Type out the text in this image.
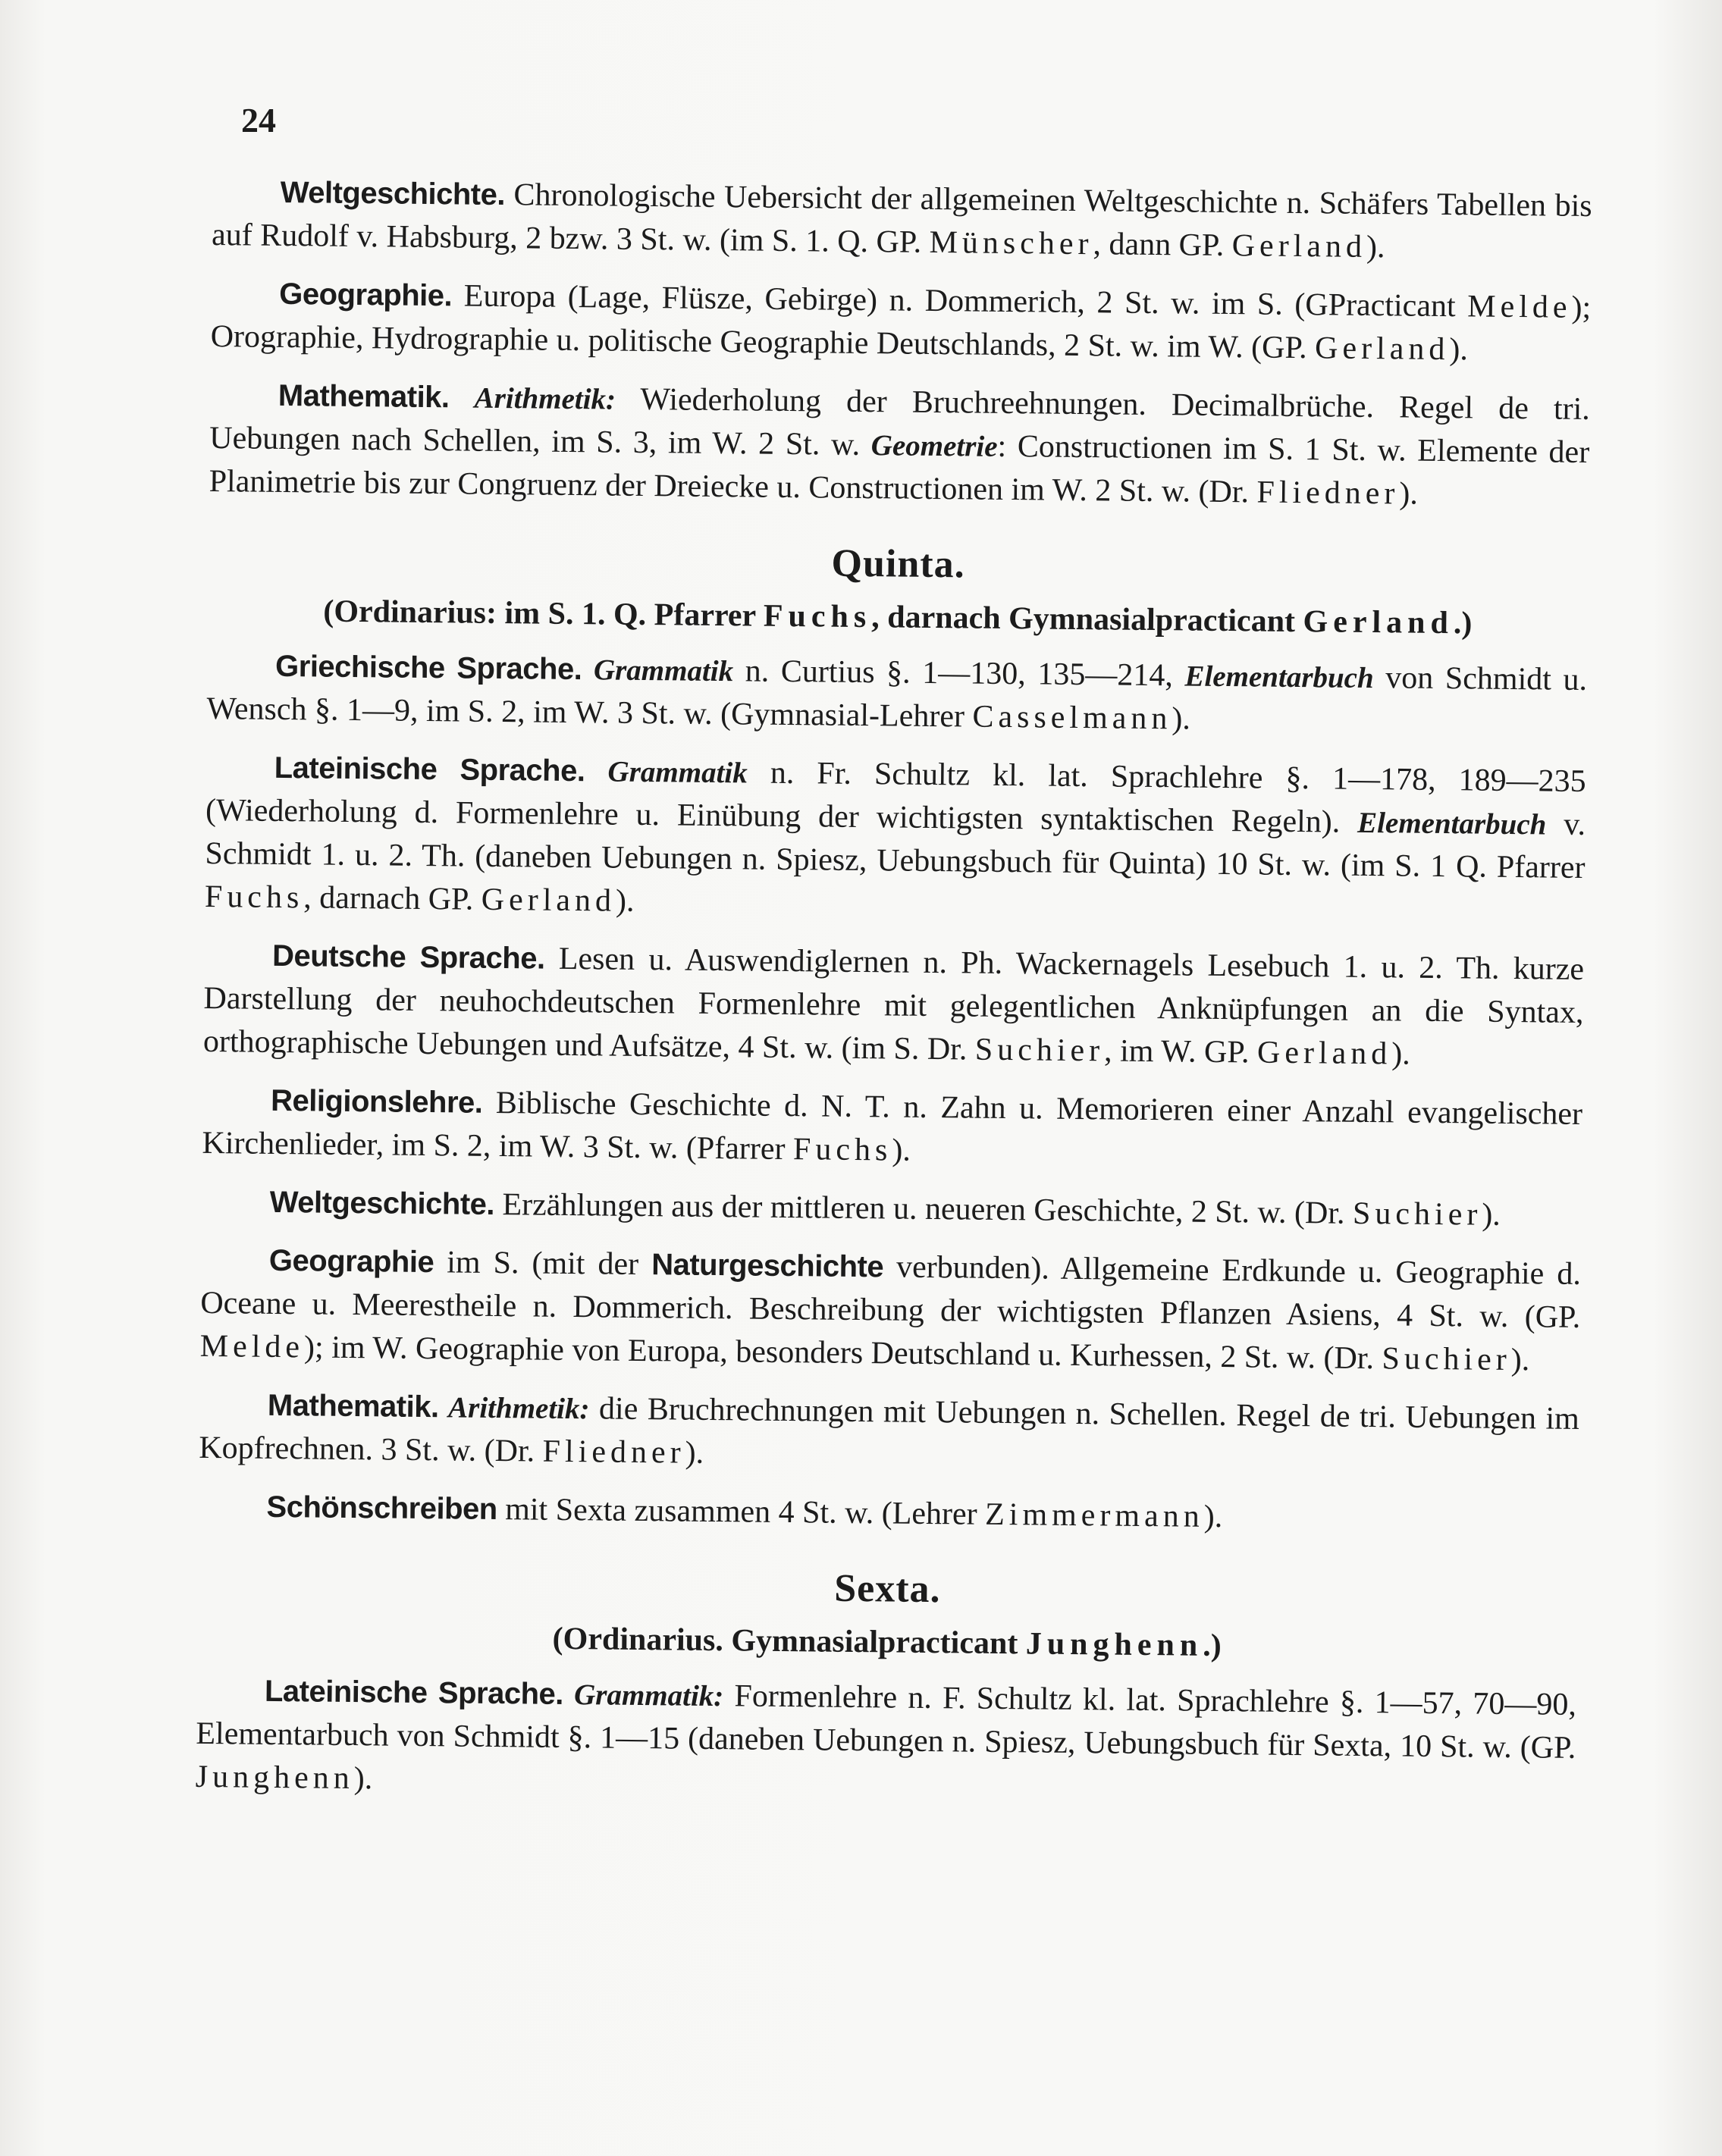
24
Weltgeschichte. Chronologische Uebersicht der allgemeinen Weltgeschichte n. Schäfers Tabellen bis auf Rudolf v. Habsburg, 2 bzw. 3 St. w. (im S. 1. Q. GP. Münscher, dann GP. Gerland).
Geographie. Europa (Lage, Flüsze, Gebirge) n. Dommerich, 2 St. w. im S. (GPracticant Melde); Orographie, Hydrographie u. politische Geographie Deutschlands, 2 St. w. im W. (GP. Gerland).
Mathematik. Arithmetik: Wiederholung der Bruchreehnungen. Decimalbrüche. Regel de tri. Uebungen nach Schellen, im S. 3, im W. 2 St. w. Geometrie: Constructionen im S. 1 St. w. Elemente der Planimetrie bis zur Congruenz der Dreiecke u. Constructionen im W. 2 St. w. (Dr. Fliedner).
Quinta.
(Ordinarius: im S. 1. Q. Pfarrer Fuchs, darnach Gymnasialpracticant Gerland.)
Griechische Sprache. Grammatik n. Curtius §. 1—130, 135—214, Elementarbuch von Schmidt u. Wensch §. 1—9, im S. 2, im W. 3 St. w. (Gymnasial-Lehrer Casselmann).
Lateinische Sprache. Grammatik n. Fr. Schultz kl. lat. Sprachlehre §. 1—178, 189—235 (Wiederholung d. Formenlehre u. Einübung der wichtigsten syntaktischen Regeln). Elementarbuch v. Schmidt 1. u. 2. Th. (daneben Uebungen n. Spiesz, Uebungsbuch für Quinta) 10 St. w. (im S. 1 Q. Pfarrer Fuchs, darnach GP. Gerland).
Deutsche Sprache. Lesen u. Auswendiglernen n. Ph. Wackernagels Lesebuch 1. u. 2. Th. kurze Darstellung der neuhochdeutschen Formenlehre mit gelegentlichen Anknüpfungen an die Syntax, orthographische Uebungen und Aufsätze, 4 St. w. (im S. Dr. Suchier, im W. GP. Gerland).
Religionslehre. Biblische Geschichte d. N. T. n. Zahn u. Memorieren einer Anzahl evangelischer Kirchenlieder, im S. 2, im W. 3 St. w. (Pfarrer Fuchs).
Weltgeschichte. Erzählungen aus der mittleren u. neueren Geschichte, 2 St. w. (Dr. Suchier).
Geographie im S. (mit der Naturgeschichte verbunden). Allgemeine Erdkunde u. Geographie d. Oceane u. Meerestheile n. Dommerich. Beschreibung der wichtigsten Pflanzen Asiens, 4 St. w. (GP. Melde); im W. Geographie von Europa, besonders Deutschland u. Kurhessen, 2 St. w. (Dr. Suchier).
Mathematik. Arithmetik: die Bruchrechnungen mit Uebungen n. Schellen. Regel de tri. Uebungen im Kopfrechnen. 3 St. w. (Dr. Fliedner).
Schönschreiben mit Sexta zusammen 4 St. w. (Lehrer Zimmermann).
Sexta.
(Ordinarius. Gymnasialpracticant Junghenn.)
Lateinische Sprache. Grammatik: Formenlehre n. F. Schultz kl. lat. Sprachlehre §. 1—57, 70—90, Elementarbuch von Schmidt §. 1—15 (daneben Uebungen n. Spiesz, Uebungsbuch für Sexta, 10 St. w. (GP. Junghenn).
